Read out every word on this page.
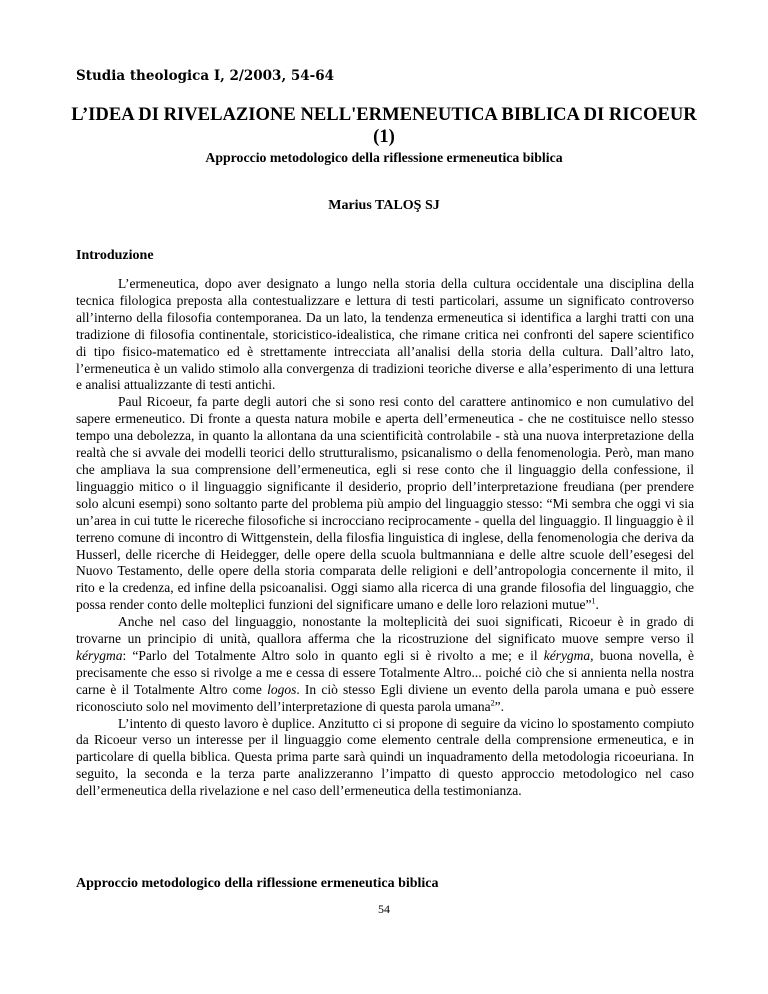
Studia theologica I, 2/2003, 54-64
L’IDEA DI RIVELAZIONE NELL'ERMENEUTICA BIBLICA DI RICOEUR (1)
Approccio metodologico della riflessione ermeneutica biblica
Marius TALOŞ SJ
Introduzione

L’ermeneutica, dopo aver designato a lungo nella storia della cultura occidentale una disciplina della tecnica filologica preposta alla contestualizzare e lettura di testi particolari, assume un significato controverso all’interno della filosofia contemporanea. Da un lato, la tendenza ermeneutica si identifica a larghi tratti con una tradizione di filosofia continentale, storicistico-idealistica, che rimane critica nei confronti del sapere scientifico di tipo fisico-matematico ed è strettamente intrecciata all’analisi della storia della cultura. Dall’altro lato, l’ermeneutica è un valido stimolo alla convergenza di tradizioni teoriche diverse e alla’esperimento di una lettura e analisi attualizzante di testi antichi.

Paul Ricoeur, fa parte degli autori che si sono resi conto del carattere antinomico e non cumulativo del sapere ermeneutico. Di fronte a questa natura mobile e aperta dell’ermeneutica - che ne costituisce nello stesso tempo una debolezza, in quanto la allontana da una scientificità controlabile - stà una nuova interpretazione della realtà che si avvale dei modelli teorici dello strutturalismo, psicanalismo o della fenomenologia. Però, man mano che ampliava la sua comprensione dell’ermeneutica, egli si rese conto che il linguaggio della confessione, il linguaggio mitico o il linguaggio significante il desiderio, proprio dell’interpretazione freudiana (per prendere solo alcuni esempi) sono soltanto parte del problema più ampio del linguaggio stesso: “Mi sembra che oggi vi sia un’area in cui tutte le ricereche filosofiche si incrocciano reciprocamente - quella del linguaggio. Il linguaggio è il terreno comune di incontro di Wittgenstein, della filosfia linguistica di inglese, della fenomenologia che deriva da Husserl, delle ricerche di Heidegger, delle opere della scuola bultmanniana e delle altre scuole dell’esegesi del Nuovo Testamento, delle opere della storia comparata delle religioni e dell’antropologia concernente il mito, il rito e la credenza, ed infine della psicoanalisi. Oggi siamo alla ricerca di una grande filosofia del linguaggio, che possa render conto delle molteplici funzioni del significare umano e delle loro relazioni mutue”$^1$.

Anche nel caso del linguaggio, nonostante la molteplicità dei suoi significati, Ricoeur è in grado di trovarne un principio di unità, quallora afferma che la ricostruzione del significato muove sempre verso il kérygma: “Parlo del Totalmente Altro solo in quanto egli si è rivolto a me; e il kérygma, buona novella, è precisamente che esso si rivolge a me e cessa di essere Totalmente Altro... poiché ciò che si annienta nella nostra carne è il Totalmente Altro come logos. In ciò stesso Egli diviene un evento della parola umana e può essere riconosciuto solo nel movimento dell’interpretazione di questa parola umana$^2$”.

L’intento di questo lavoro è duplice. Anzitutto ci si propone di seguire da vicino lo spostamento compiuto da Ricoeur verso un interesse per il linguaggio come elemento centrale della comprensione ermeneutica, e in particolare di quella biblica. Questa prima parte sarà quindi un inquadramento della metodologia ricoeuriana. In seguito, la seconda e la terza parte analizzeranno l’impatto di questo approccio metodologico nel caso dell’ermeneutica della rivelazione e nel caso dell’ermeneutica della testimonianza.

Approccio metodologico della riflessione ermeneutica biblica
54
